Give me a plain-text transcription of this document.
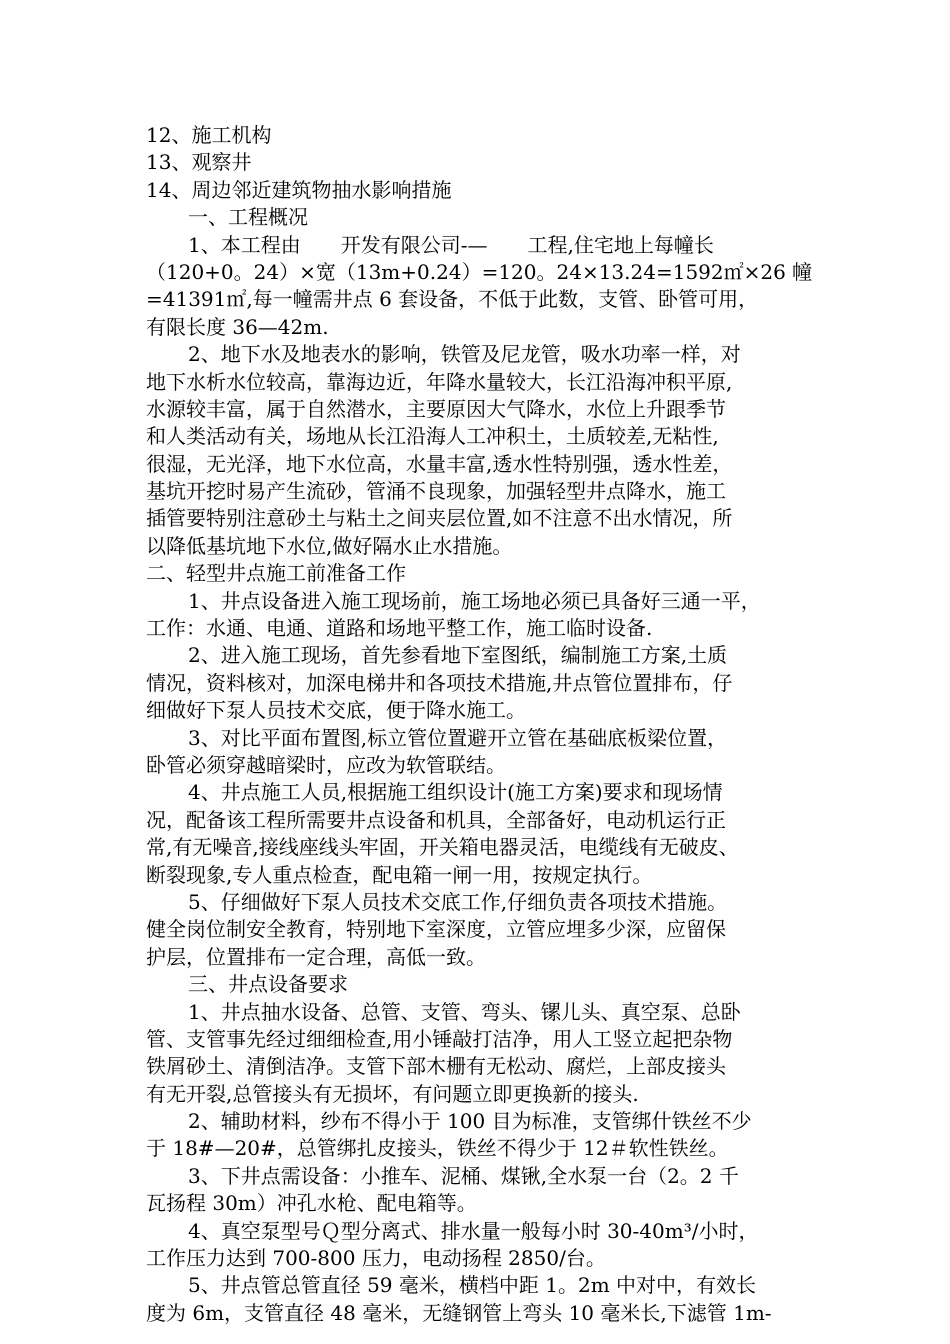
12、施工机构
13、观察井
14、周边邻近建筑物抽水影响措施
一、工程概况
1、本工程由　　开发有限公司-—　　工程,住宅地上每幢长
（120+0。24）×宽（13m+0.24）=120。24×13.24=1592㎡×26 幢
=41391㎡,每一幢需井点 6 套设备，不低于此数，支管、卧管可用，
有限长度 36—42m.
2、地下水及地表水的影响，铁管及尼龙管，吸水功率一样，对
地下水析水位较高，靠海边近，年降水量较大，长江沿海冲积平原,
水源较丰富，属于自然潜水，主要原因大气降水，水位上升跟季节
和人类活动有关，场地从长江沿海人工冲积土，土质较差,无粘性,
很湿，无光泽，地下水位高，水量丰富,透水性特别强，透水性差，
基坑开挖时易产生流砂，管涌不良现象，加强轻型井点降水，施工
插管要特别注意砂土与粘土之间夹层位置,如不注意不出水情况，所
以降低基坑地下水位,做好隔水止水措施。
二、轻型井点施工前准备工作
1、井点设备进入施工现场前，施工场地必须已具备好三通一平，
工作：水通、电通、道路和场地平整工作，施工临时设备.
2、进入施工现场，首先参看地下室图纸，编制施工方案,土质
情况，资料核对，加深电梯井和各项技术措施,井点管位置排布，仔
细做好下泵人员技术交底，便于降水施工。
3、对比平面布置图,标立管位置避开立管在基础底板梁位置，
卧管必须穿越暗梁时，应改为软管联结。
4、井点施工人员,根据施工组织设计(施工方案)要求和现场情
况，配备该工程所需要井点设备和机具，全部备好，电动机运行正
常,有无噪音,接线座线头牢固，开关箱电器灵活，电缆线有无破皮、
断裂现象,专人重点检查，配电箱一闸一用，按规定执行。
5、仔细做好下泵人员技术交底工作,仔细负责各项技术措施。
健全岗位制安全教育，特别地下室深度，立管应埋多少深，应留保
护层，位置排布一定合理，高低一致。
三、井点设备要求
1、井点抽水设备、总管、支管、弯头、镙儿头、真空泵、总卧
管、支管事先经过细细检查,用小锤敲打洁净，用人工竖立起把杂物
铁屑砂土、清倒洁净。支管下部木栅有无松动、腐烂，上部皮接头
有无开裂,总管接头有无损坏，有问题立即更换新的接头.
2、辅助材料，纱布不得小于 100 目为标准，支管绑什铁丝不少
于 18#—20#，总管绑扎皮接头，铁丝不得少于 12＃软性铁丝。
3、下井点需设备：小推车、泥桶、煤锹,全水泵一台（2。2 千
瓦扬程 30m）冲孔水枪、配电箱等。
4、真空泵型号Ｑ型分离式、排水量一般每小时 30-40m³/小时，
工作压力达到 700-800 压力，电动扬程 2850/台。
5、井点管总管直径 59 毫米，横档中距 1。2m 中对中，有效长
度为 6m，支管直径 48 毫米，无缝钢管上弯头 10 毫米长,下滤管 1m-
